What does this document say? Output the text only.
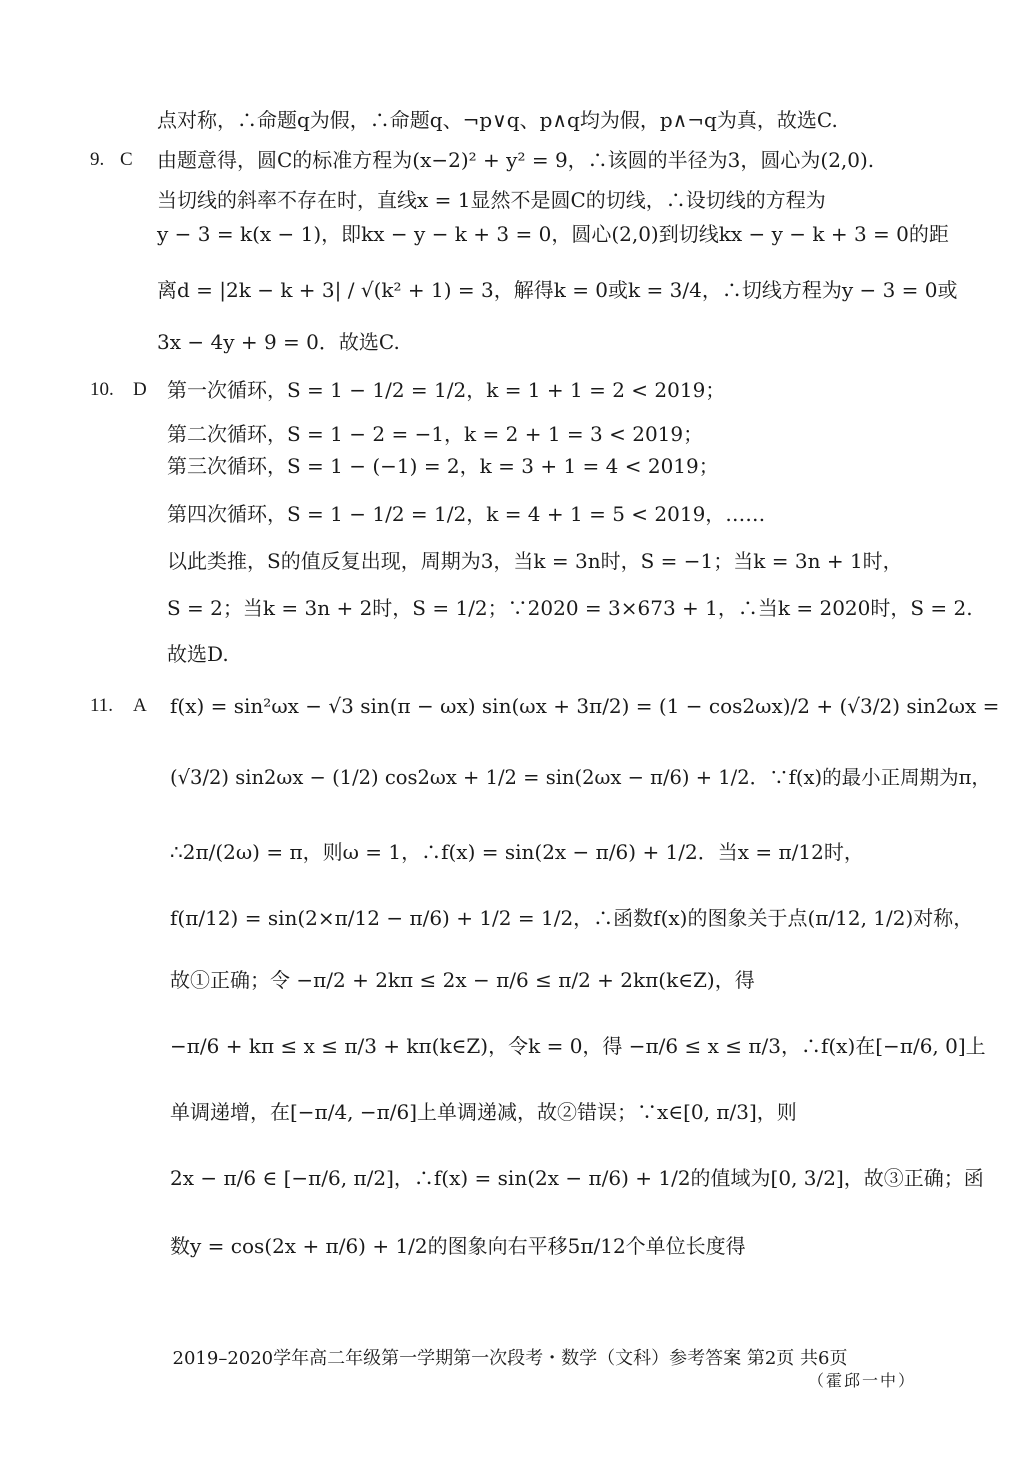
点对称，∴命题q为假，∴命题q、¬p∨q、p∧q均为假，p∧¬q为真，故选C.
9. C 由题意得，圆C的标准方程为(x−2)² + y² = 9，∴该圆的半径为3，圆心为(2,0).
当切线的斜率不存在时，直线x = 1显然不是圆C的切线，∴设切线的方程为
y − 3 = k(x − 1)，即kx − y − k + 3 = 0，圆心(2,0)到切线kx − y − k + 3 = 0的距
离d = |2k − k + 3| / √(k² + 1) = 3，解得k = 0或k = 3/4，∴切线方程为y − 3 = 0或
3x − 4y + 9 = 0．故选C.
10. D 第一次循环，S = 1 − 1/2 = 1/2，k = 1 + 1 = 2 < 2019；
第二次循环，S = 1 − 2 = −1，k = 2 + 1 = 3 < 2019；
第三次循环，S = 1 − (−1) = 2，k = 3 + 1 = 4 < 2019；
第四次循环，S = 1 − 1/2 = 1/2，k = 4 + 1 = 5 < 2019，……
以此类推，S的值反复出现，周期为3，当k = 3n时，S = −1；当k = 3n + 1时，
S = 2；当k = 3n + 2时，S = 1/2；∵2020 = 3×673 + 1，∴当k = 2020时，S = 2.
故选D.
11. A f(x) = sin²ωx − √3 sin(π − ωx) sin(ωx + 3π/2) = (1 − cos2ωx)/2 + (√3/2) sin2ωx =
(√3/2) sin2ωx − (1/2) cos2ωx + 1/2 = sin(2ωx − π/6) + 1/2．∵f(x)的最小正周期为π，
∴2π/(2ω) = π，则ω = 1，∴f(x) = sin(2x − π/6) + 1/2．当x = π/12时，
f(π/12) = sin(2×π/12 − π/6) + 1/2 = 1/2，∴函数f(x)的图象关于点(π/12, 1/2)对称，
故①正确；令 −π/2 + 2kπ ≤ 2x − π/6 ≤ π/2 + 2kπ(k∈Z)，得
−π/6 + kπ ≤ x ≤ π/3 + kπ(k∈Z)，令k = 0，得 −π/6 ≤ x ≤ π/3，∴f(x)在[−π/6, 0]上
单调递增，在[−π/4, −π/6]上单调递减，故②错误；∵x∈[0, π/3]，则
2x − π/6 ∈ [−π/6, π/2]，∴f(x) = sin(2x − π/6) + 1/2的值域为[0, 3/2]，故③正确；函
数y = cos(2x + π/6) + 1/2的图象向右平移5π/12个单位长度得
2019–2020学年高二年级第一学期第一次段考・数学（文科）参考答案 第2页 共6页
（霍邱一中）
